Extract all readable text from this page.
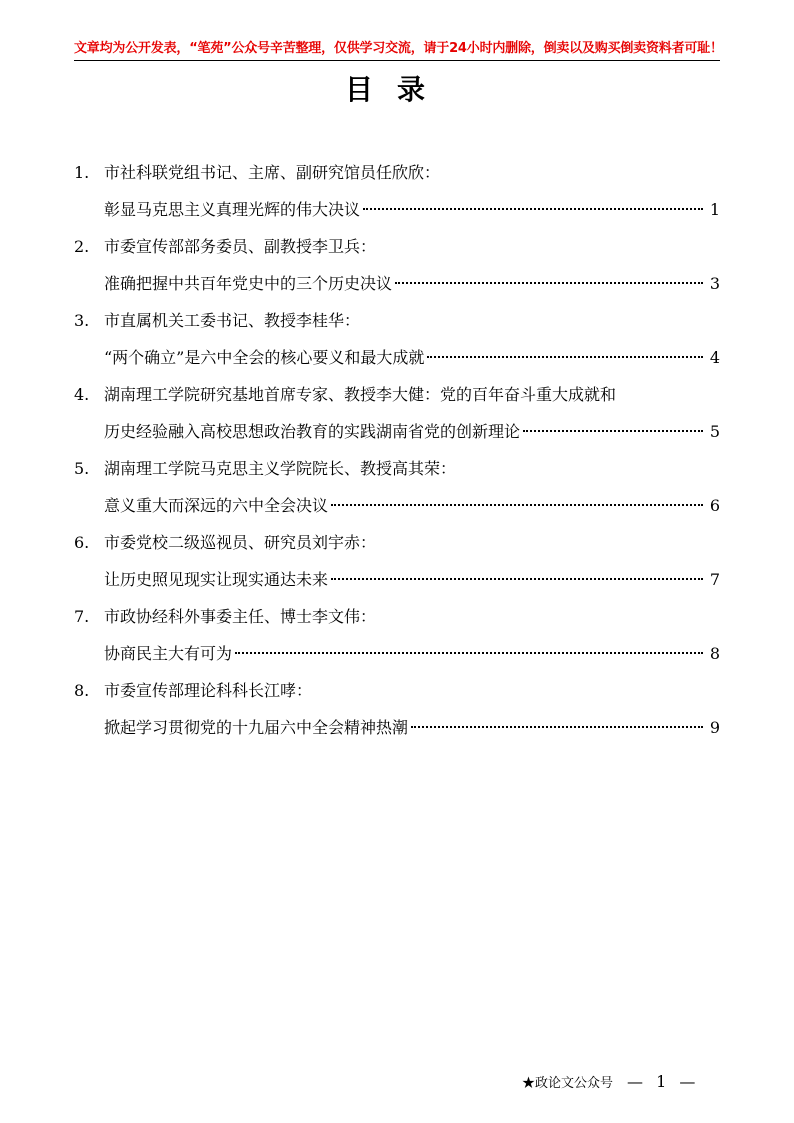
文章均为公开发表，“笔苑”公众号辛苦整理，仅供学习交流，请于24小时内删除，倒卖以及购买倒卖资料者可耻！
目录
1. 市社科联党组书记、主席、副研究馆员任欣欣：
彰显马克思主义真理光辉的伟大决议	1
2. 市委宣传部部务委员、副教授李卫兵：
准确把握中共百年党史中的三个历史决议	3
3. 市直属机关工委书记、教授李桂华：
“两个确立”是六中全会的核心要义和最大成就	4
4. 湖南理工学院研究基地首席专家、教授李大健：党的百年奋斗重大成就和
历史经验融入高校思想政治教育的实践湖南省党的创新理论	5
5. 湖南理工学院马克思主义学院院长、教授高其荣：
意义重大而深远的六中全会决议	6
6. 市委党校二级巡视员、研究员刘宇赤：
让历史照见现实让现实通达未来	7
7. 市政协经科外事委主任、博士李文伟：
协商民主大有可为	8
8. 市委宣传部理论科科长江哮：
掀起学习贯彻党的十九届六中全会精神热潮	9
★政论文公众号 — 1 —
